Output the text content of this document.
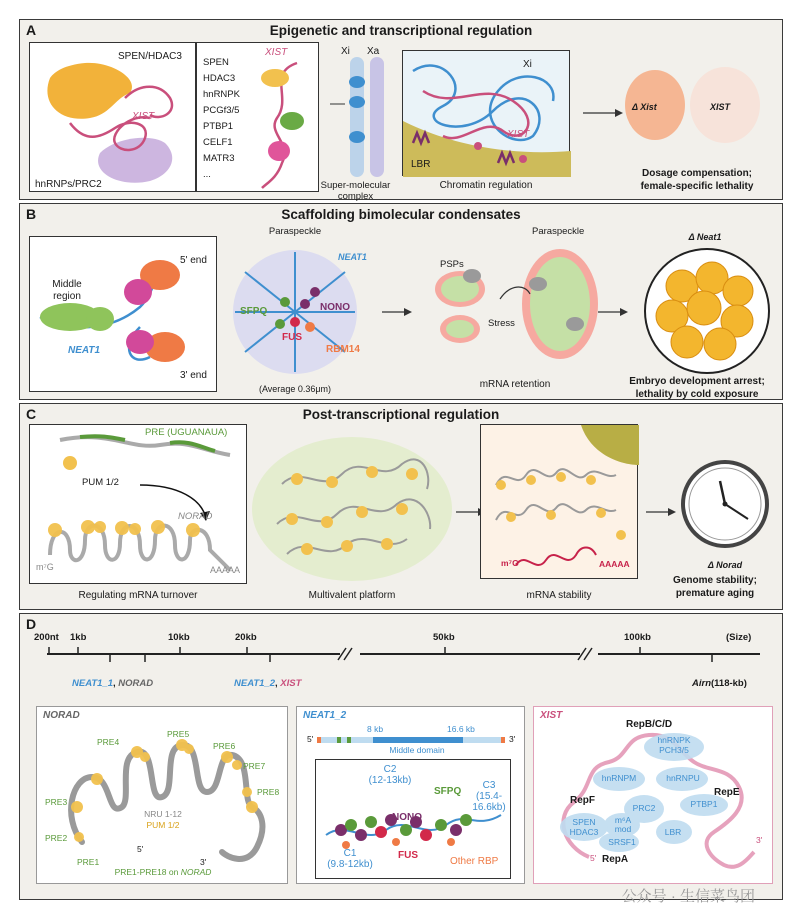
A	Epigenetic and transcriptional regulation
SPEN/HDAC3
XIST
hnRNPs/PRC2
SPEN
HDAC3
hnRNPK
PCGf3/5
PTBP1
CELF1
MATR3
...
XIST	Xi Xa
Super-molecular complex
Xi
XIST
LBR
Chromatin regulation
Δ Xist	XIST
Dosage compensation;
female-specific lethality
B	Scaffolding bimolecular condensates
5' end
Middle region
NEAT1
3' end
Paraspeckle
NEAT1
SFPQ	NONO
FUS
RBM14
(Average 0.36μm)
PSPs
Paraspeckle
Stress
mRNA retention
Δ Neat1
Embryo development arrest;
lethality by cold exposure
C	Post-transcriptional regulation
PRE (UGUANAUA)
PUM 1/2
NORAD
m⁷G	AAAAA
Regulating mRNA turnover	Multivalent platform
m⁷G	AAAAA
mRNA stability
Δ Norad
Genome stability;
premature aging
D
200nt 1kb	10kb	20kb	50kb	100kb	(Size)
NEAT1_1, NORAD	NEAT1_2, XIST	Airn(118-kb)
NORAD
PRE4
PRE5
PRE6
PRE7
PRE8
PRE3
PRE2
PRE1
5'
3'
NRU 1-12
PUM 1/2
PRE1-PRE18 on NORAD
NEAT1_2
8 kb	16.6 kb
5'	3'
Middle domain
C2
(12-13kb)
SFPQ
C3
(15.4-
16.6kb)
NONO
C1
(9.8-12kb)
FUS
Other RBP
XIST
RepB/C/D
hnRNPK
PCH3/5
hnRNPM	hnRNPU
RepF
RepE
PRC2	PTBP1
m⁶A
mod
SPEN
HDAC3
SRSF1
LBR
RepA
5'
3'
公众号 · 生信菜鸟团
